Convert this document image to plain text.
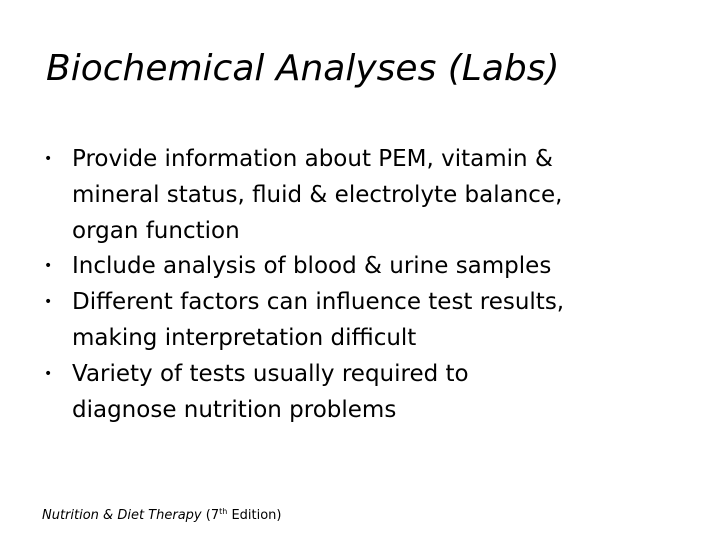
Biochemical Analyses (Labs)
• Provide information about PEM, vitamin &
mineral status, fluid & electrolyte balance,
organ function
• Include analysis of blood & urine samples
• Different factors can influence test results,
making interpretation difficult
• Variety of tests usually required to
diagnose nutrition problems
Nutrition & Diet Therapy (7th Edition)
